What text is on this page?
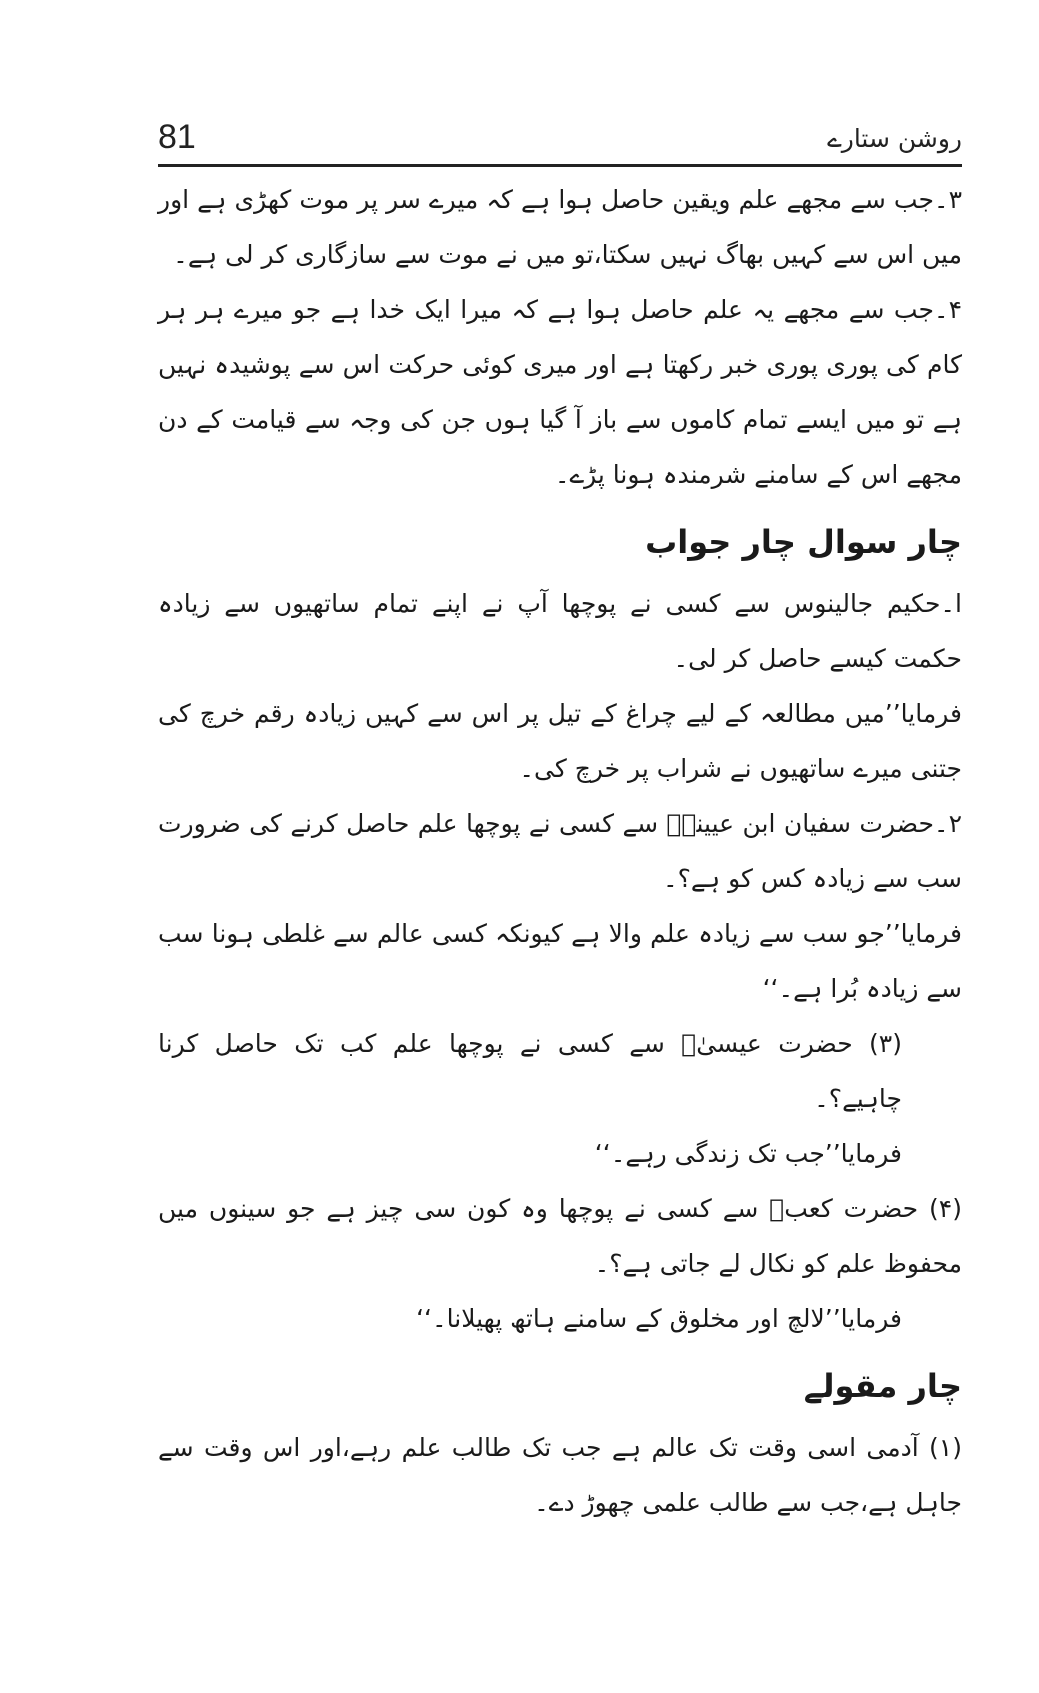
81	روشن ستارے

۳۔جب سے مجھے علم ویقین حاصل ہوا ہے کہ میرے سر پر موت کھڑی ہے اور میں اس سے کہیں بھاگ نہیں سکتا،تو میں نے موت سے سازگاری کر لی ہے۔

۴۔جب سے مجھے یہ علم حاصل ہوا ہے کہ میرا ایک خدا ہے جو میرے ہر ہر کام کی پوری پوری خبر رکھتا ہے اور میری کوئی حرکت اس سے پوشیدہ نہیں ہے تو میں ایسے تمام کاموں سے باز آ گیا ہوں جن کی وجہ سے قیامت کے دن مجھے اس کے سامنے شرمندہ ہونا پڑے۔

چار سوال چار جواب

ا۔حکیم جالینوس سے کسی نے پوچھا آپ نے اپنے تمام ساتھیوں سے زیادہ حکمت کیسے حاصل کر لی۔

فرمایا’’میں مطالعہ کے لیے چراغ کے تیل پر اس سے کہیں زیادہ رقم خرچ کی جتنی میرے ساتھیوں نے شراب پر خرچ کی۔

۲۔حضرت سفیان ابن عیینہؒ سے کسی نے پوچھا علم حاصل کرنے کی ضرورت سب سے زیادہ کس کو ہے؟۔

فرمایا’’جو سب سے زیادہ علم والا ہے کیونکہ کسی عالم سے غلطی ہونا سب سے زیادہ بُرا ہے۔‘‘

(۳) حضرت عیسیٰؑ سے کسی نے پوچھا علم کب تک حاصل کرنا چاہیے؟۔

فرمایا’’جب تک زندگی رہے۔‘‘

(۴) حضرت کعبؓ سے کسی نے پوچھا وہ کون سی چیز ہے جو سینوں میں محفوظ علم کو نکال لے جاتی ہے؟۔

فرمایا’’لالچ اور مخلوق کے سامنے ہاتھ پھیلانا۔‘‘

چار مقولے

(۱) آدمی اسی وقت تک عالم ہے جب تک طالب علم رہے،اور اس وقت سے جاہل ہے،جب سے طالب علمی چھوڑ دے۔
